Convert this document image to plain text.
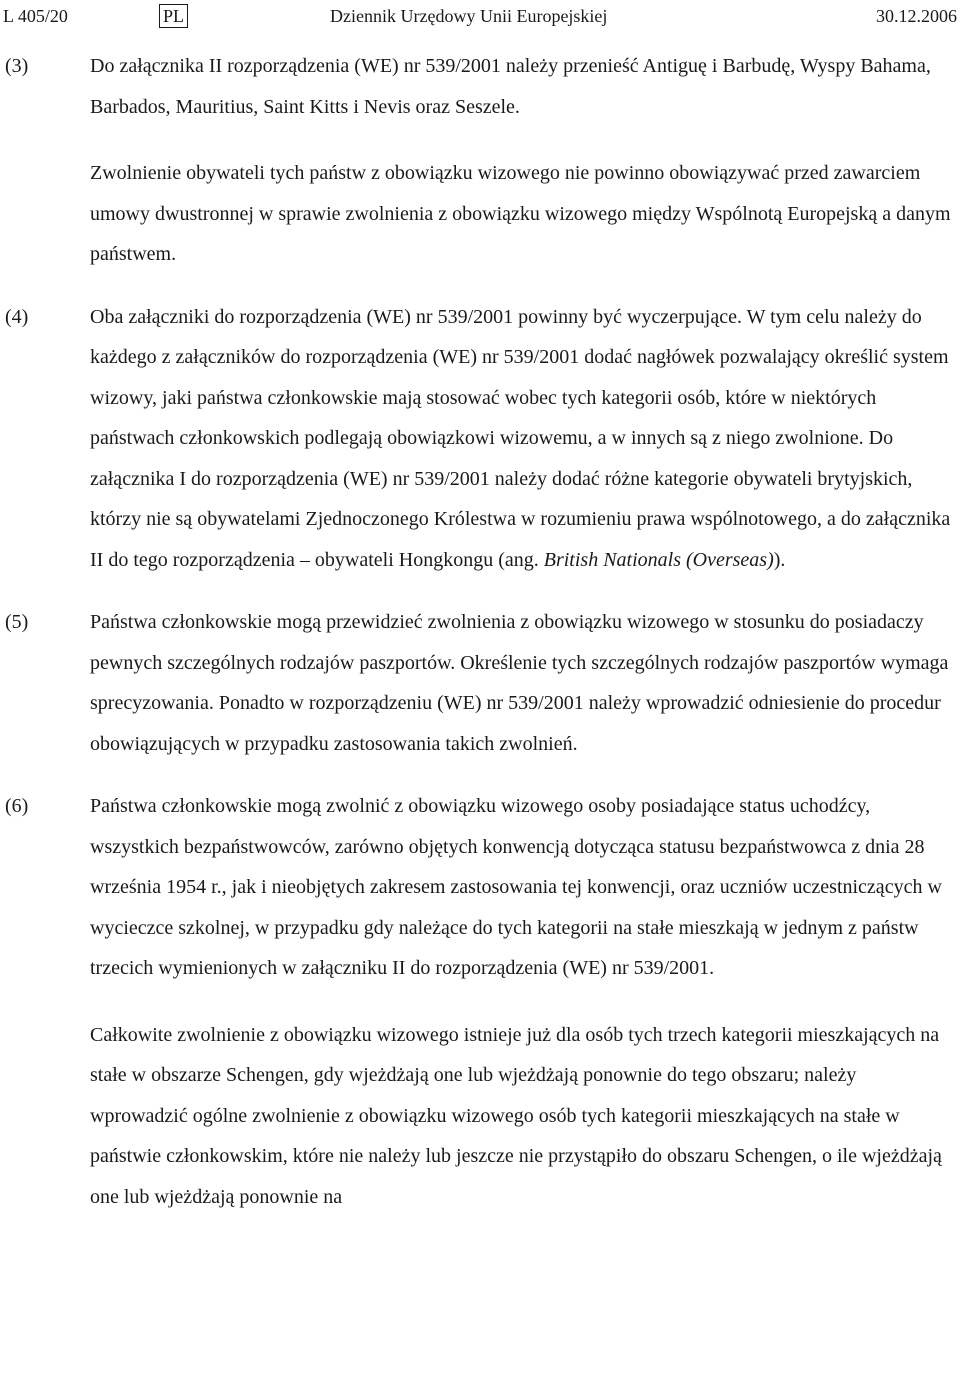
L 405/20	PL	Dziennik Urzędowy Unii Europejskiej	30.12.2006
(3)	Do załącznika II rozporządzenia (WE) nr 539/2001 należy przenieść Antiguę i Barbudę, Wyspy Bahama, Barbados, Mauritius, Saint Kitts i Nevis oraz Seszele.

Zwolnienie obywateli tych państw z obowiązku wizowego nie powinno obowiązywać przed zawarciem umowy dwustronnej w sprawie zwolnienia z obowiązku wizowego między Wspólnotą Europejską a danym państwem.

(4)	Oba załączniki do rozporządzenia (WE) nr 539/2001 powinny być wyczerpujące. W tym celu należy do każdego z załączników do rozporządzenia (WE) nr 539/2001 dodać nagłówek pozwalający określić system wizowy, jaki państwa członkowskie mają stosować wobec tych kategorii osób, które w niektórych państwach członkowskich podlegają obowiązkowi wizowemu, a w innych są z niego zwolnione. Do załącznika I do rozporządzenia (WE) nr 539/2001 należy dodać różne kategorie obywateli brytyjskich, którzy nie są obywatelami Zjednoczonego Królestwa w rozumieniu prawa wspólnotowego, a do załącznika II do tego rozporządzenia – obywateli Hongkongu (ang. British Nationals (Overseas)).

(5)	Państwa członkowskie mogą przewidzieć zwolnienia z obowiązku wizowego w stosunku do posiadaczy pewnych szczególnych rodzajów paszportów. Określenie tych szczególnych rodzajów paszportów wymaga sprecyzowania. Ponadto w rozporządzeniu (WE) nr 539/2001 należy wprowadzić odniesienie do procedur obowiązujących w przypadku zastosowania takich zwolnień.

(6)	Państwa członkowskie mogą zwolnić z obowiązku wizowego osoby posiadające status uchodźcy, wszystkich bezpaństwowców, zarówno objętych konwencją dotycząca statusu bezpaństwowca z dnia 28 września 1954 r., jak i nieobjętych zakresem zastosowania tej konwencji, oraz uczniów uczestniczących w wycieczce szkolnej, w przypadku gdy należące do tych kategorii na stałe mieszkają w jednym z państw trzecich wymienionych w załączniku II do rozporządzenia (WE) nr 539/2001.

Całkowite zwolnienie z obowiązku wizowego istnieje już dla osób tych trzech kategorii mieszkających na stałe w obszarze Schengen, gdy wjeżdżają one lub wjeżdżają ponownie do tego obszaru; należy wprowadzić ogólne zwolnienie z obowiązku wizowego osób tych kategorii mieszkających na stałe w państwie członkowskim, które nie należy lub jeszcze nie przystąpiło do obszaru Schengen, o ile wjeżdżają one lub wjeżdżają ponownie na
